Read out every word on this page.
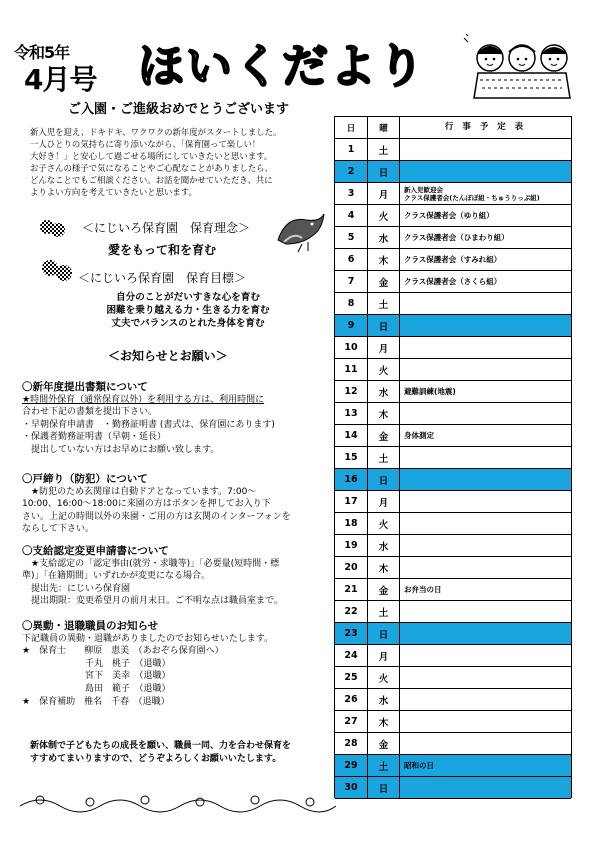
令和5年
4月号 ほいくだより
ご入園・ご進級おめでとうございます
新入児を迎え、ドキドキ、ワクワクの新年度がスタートしました。
一人ひとりの気持ちに寄り添いながら、「保育園って楽しい！
大好き！」と安心して過ごせる場所にしていきたいと思います。
お子さんの様子で気になることやご心配なことがありましたら、
どんなことでもご相談ください。お話を聞かせていただき、共に
よりよい方向を考えていきたいと思います。
＜にじいろ保育園　保育理念＞
愛をもって和を育む
＜にじいろ保育園　保育目標＞
自分のことがだいすきな心を育む
困難を乗り越える力・生きる力を育む
丈夫でバランスのとれた身体を育む
＜お知らせとお願い＞
〇新年度提出書類について
★時間外保育（通常保育以外）を利用する方は、利用時間に
合わせ下記の書類を提出下さい。
・早朝保育申請書　・勤務証明書 (書式は、保育園にあります)
・保護者勤務証明書（早朝・延長）
　提出していない方はお早めにお願い致します。
〇戸締り（防犯）について
　★防犯のため玄関扉は自動ドアとなっています。7:00～
10:00、16:00～18:00に来園の方はボタンを押してお入り下
さい。上記の時間以外の来園・ご用の方は玄関のインターフォンを
ならして下さい。
〇支給認定変更申請書について
　★支給認定の「認定事由(就労・求職等)」「必要量(短時間・標
準)」「在籍期間」いずれかが変更になる場合。
　提出先：にじいろ保育園
　提出期限：変更希望月の前月末日。ご不明な点は職員室まで。
〇異動・退職職員のお知らせ
下記職員の異動・退職がありましたのでお知らせいたします。
★　保育士　　柳原　恵美　（あおぞら保育園へ）
　　　　　　　千丸　桃子　（退職）
　　　　　　　宮下　美幸　（退職）
　　　　　　　島田　範子　（退職）
★　保育補助　椎名　千春　（退職）
新体制で子どもたちの成長を願い、職員一同、力を合わせ保育を
すすめてまいりますので、どうぞよろしくお願いいたします。
日	曜	行 事 予 定 表
1	土
2	日
3	月	新入児歓迎会
クラス保護者会(たんぽぽ組・ちゅうりっぷ組)
4	火	クラス保護者会（ゆり組）
5	水	クラス保護者会（ひまわり組）
6	木	クラス保護者会（すみれ組）
7	金	クラス保護者会（さくら組）
8	土
9	日
10	月
11	火
12	水	避難訓練(地震)
13	木
14	金	身体測定
15	土
16	日
17	月
18	火
19	水
20	木
21	金	お弁当の日
22	土
23	日
24	月
25	火
26	水
27	木
28	金
29	土	昭和の日
30	日
